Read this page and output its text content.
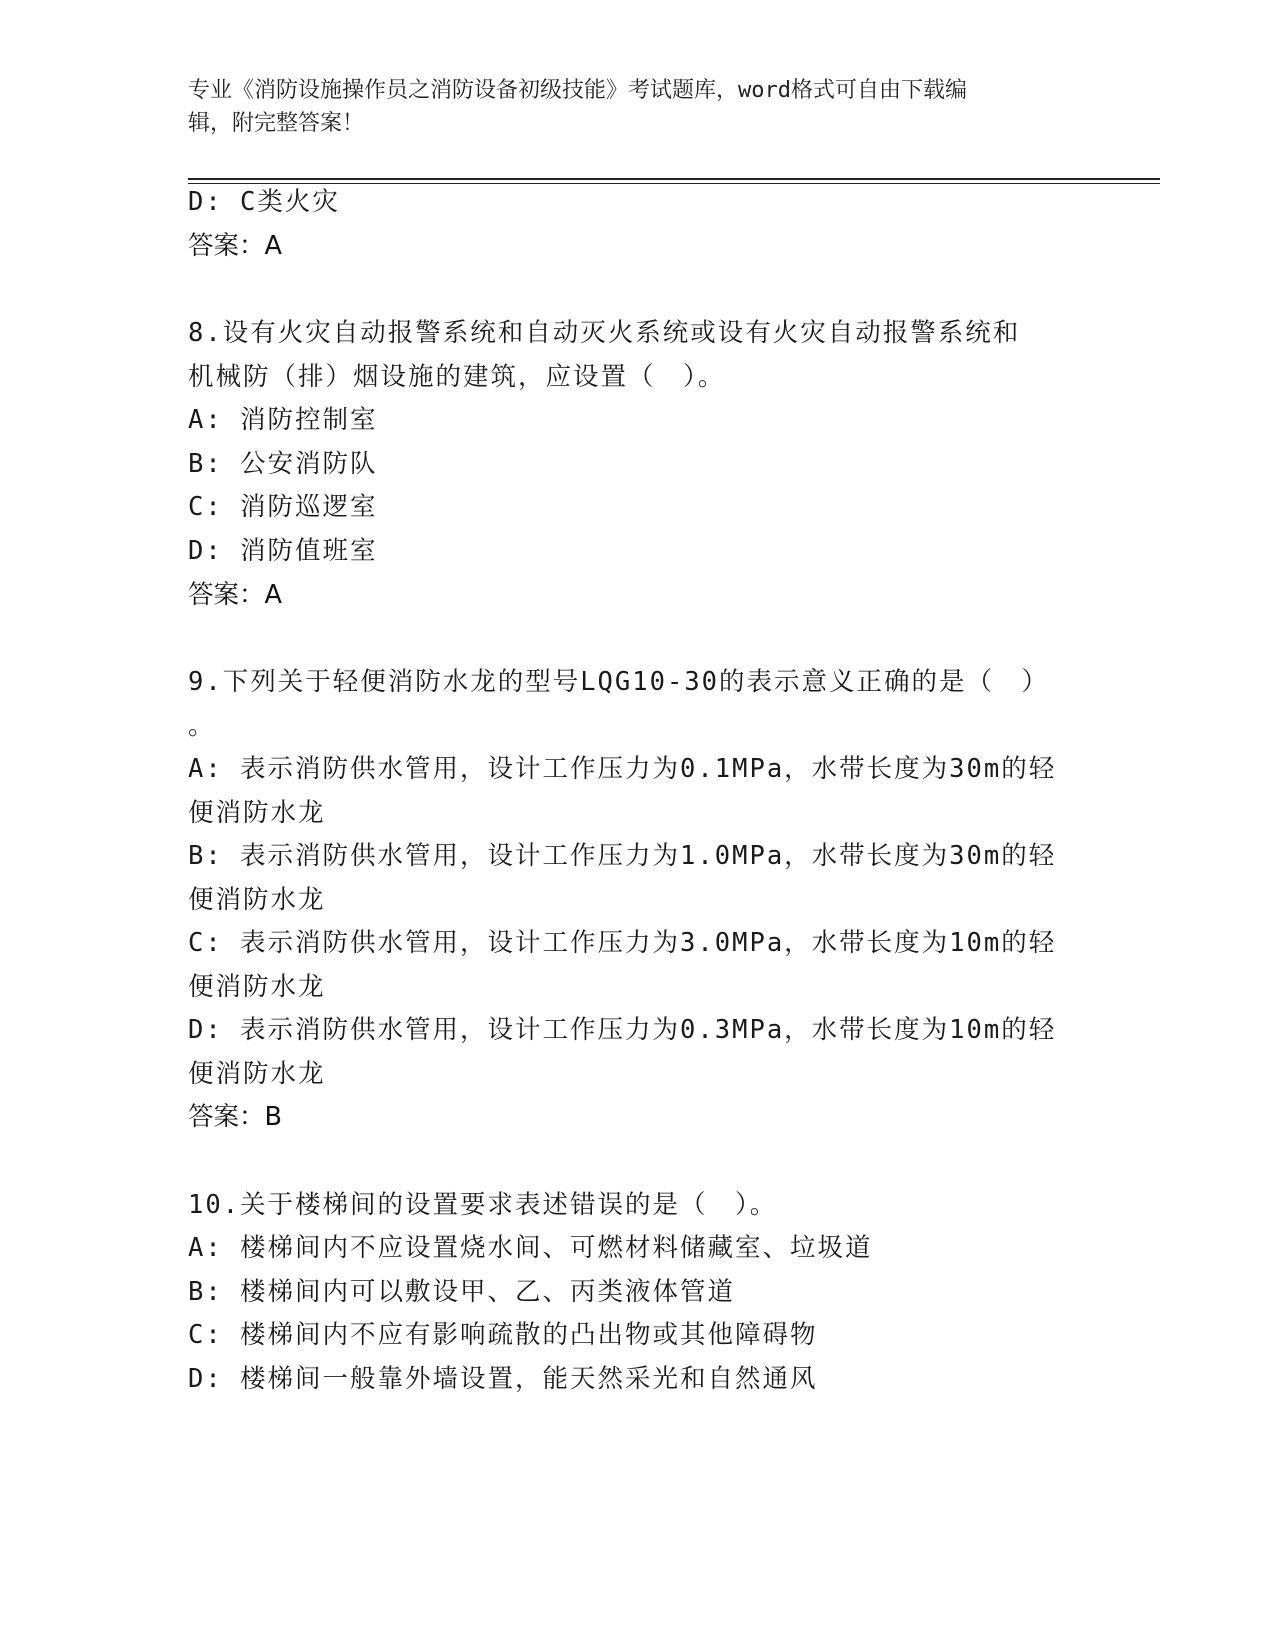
专业《消防设施操作员之消防设备初级技能》考试题库，word格式可自由下载编
辑，附完整答案！
D: C类火灾
答案：A
8.设有火灾自动报警系统和自动灭火系统或设有火灾自动报警系统和
机械防（排）烟设施的建筑，应设置（　）。
A: 消防控制室
B: 公安消防队
C: 消防巡逻室
D: 消防值班室
答案：A
9.下列关于轻便消防水龙的型号LQG10-30的表示意义正确的是（　）
。
A: 表示消防供水管用，设计工作压力为0.1MPa，水带长度为30m的轻
便消防水龙
B: 表示消防供水管用，设计工作压力为1.0MPa，水带长度为30m的轻
便消防水龙
C: 表示消防供水管用，设计工作压力为3.0MPa，水带长度为10m的轻
便消防水龙
D: 表示消防供水管用，设计工作压力为0.3MPa，水带长度为10m的轻
便消防水龙
答案：B
10.关于楼梯间的设置要求表述错误的是（　）。
A: 楼梯间内不应设置烧水间、可燃材料储藏室、垃圾道
B: 楼梯间内可以敷设甲、乙、丙类液体管道
C: 楼梯间内不应有影响疏散的凸出物或其他障碍物
D: 楼梯间一般靠外墙设置，能天然采光和自然通风
